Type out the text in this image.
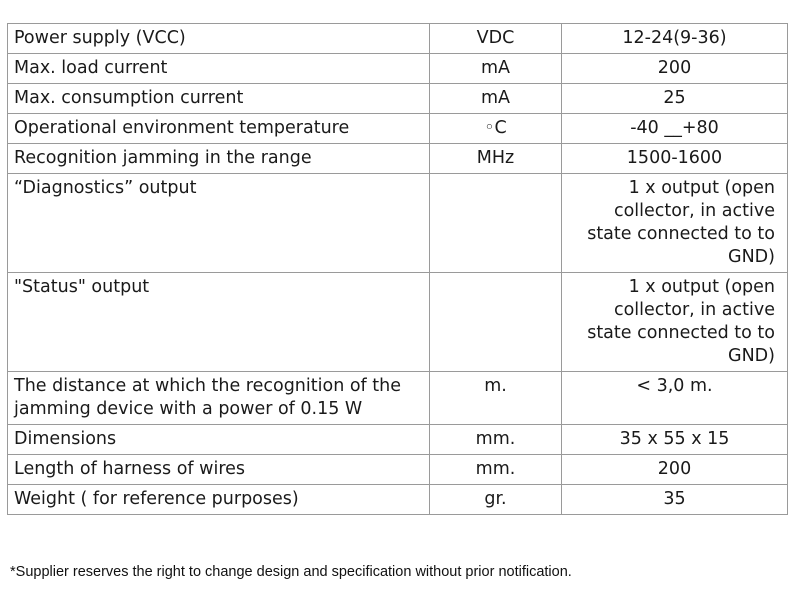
Power supply (VCC)	VDC	12-24(9-36)
Max. load current	mA	200
Max. consumption current	mA	25
Operational environment temperature	◦C	-40 __+80
Recognition jamming in the range	MHz	1500-1600
“Diagnostics” output		1 x output (open collector, in active state connected to to GND)
"Status" output		1 x output (open collector, in active state connected to to GND)
The distance at which the recognition of the jamming device with a power of 0.15 W	m.	< 3,0 m.
Dimensions	mm.	35 x 55 x 15
Length of harness of wires	mm.	200
Weight ( for reference purposes)	gr.	35
*Supplier reserves the right to change design and specification without prior notification.
